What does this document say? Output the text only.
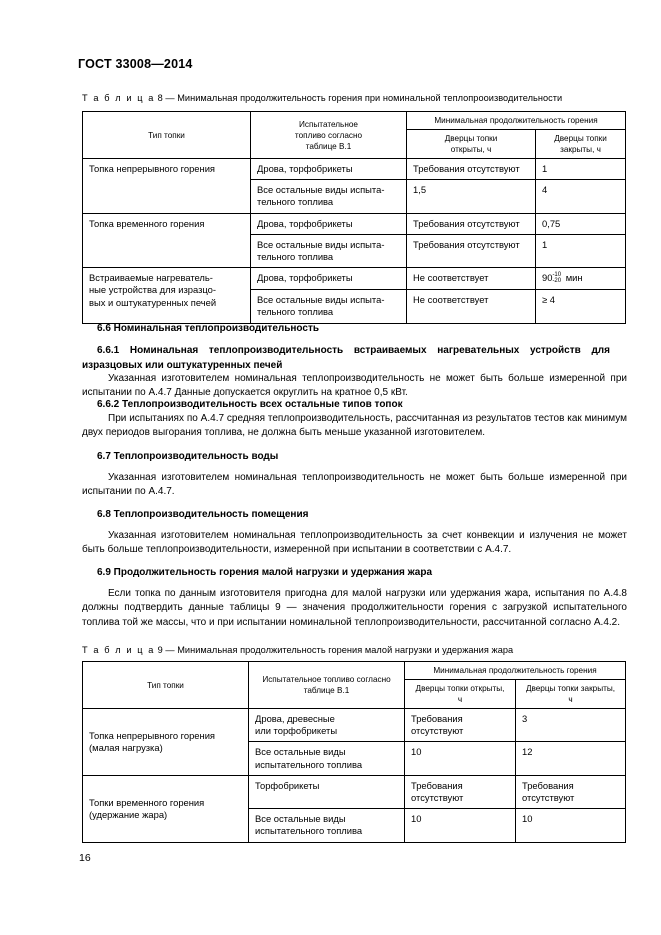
ГОСТ 33008—2014
Т а б л и ц а 8 — Минимальная продолжительность горения при номинальной теплопрооизводительности
Тип топки	Испытательное
топливо согласно
таблице В.1	Минимальная продолжительность горения	

Дверцы топки
открыты, ч

Дверцы топки
закрыты, ч

Топка непрерывного горения	Дрова, торфобрикеты	Требования отсутствуют	1
	Все остальные виды испыта-
тельного топлива	1,5	4
Топка временного горения	Дрова, торфобрикеты	Требования отсутствуют	0,75
	Все остальные виды испыта-
тельного топлива	Требования отсутствуют	1
Встраиваемые нагреватель-
ные устройства для изразцо-
вых и оштукатуренных печей	Дрова, торфобрикеты	Не соответствует	90 -10
-20 мин
	Все остальные виды испыта-
тельного топлива	Не соответствует	≥ 4
6.6 Номинальная теплопроизводительность
6.6.1 Номинальная теплопроизводительность встраиваемых нагревательных устройств для изразцовых или оштукатуренных печей
Указанная изготовителем номинальная теплопроизводительность не может быть больше измеренной при испытании по А.4.7 Данные допускается округлить на кратное 0,5 кВт.
6.6.2 Теплопроизводительность всех остальные типов топок
При испытаниях по А.4.7 средняя теплопроизводительность, рассчитанная из результатов тестов как минимум двух периодов выгорания топлива, не должна быть меньше указанной изготовителем.
6.7 Теплопроизводительность воды
Указанная изготовителем номинальная теплопроизводительность не может быть больше измеренной при испытании по А.4.7.
6.8 Теплопроизводительность помещения
Указанная изготовителем номинальная теплопроизводительность за счет конвекции и излучения не может быть больше теплопроизводительности, измеренной при испытании в соответствии с А.4.7.
6.9 Продолжительность горения малой нагрузки и удержания жара
Если топка по данным изготовителя пригодна для малой нагрузки или удержания жара, испытания по А.4.8 должны подтвердить данные таблицы 9 — значения продолжительности горения с загрузкой испытательного топлива той же массы, что и при испытании номинальной теплопроизводительности, рассчитанной согласно А.4.2.
Т а б л и ц а 9 — Минимальная продолжительность горения малой нагрузки и удержания жара
Тип топки	Испытательное топливо согласно
таблице В.1	Минимальная продолжительность горения	

Дверцы топки открыты,
ч

Дверцы топки закрыты,
ч

Топка непрерывного горения
(малая нагрузка)	Дрова, древесные
или торфобрикеты	Требования
отсутствуют	3
	Все остальные виды
испытательного топлива	10	12
Топки временного горения
(удержание жара)	Торфобрикеты	Требования
отсутствуют	Требования
отсутствуют
	Все остальные виды
испытательного топлива	10	10
16
